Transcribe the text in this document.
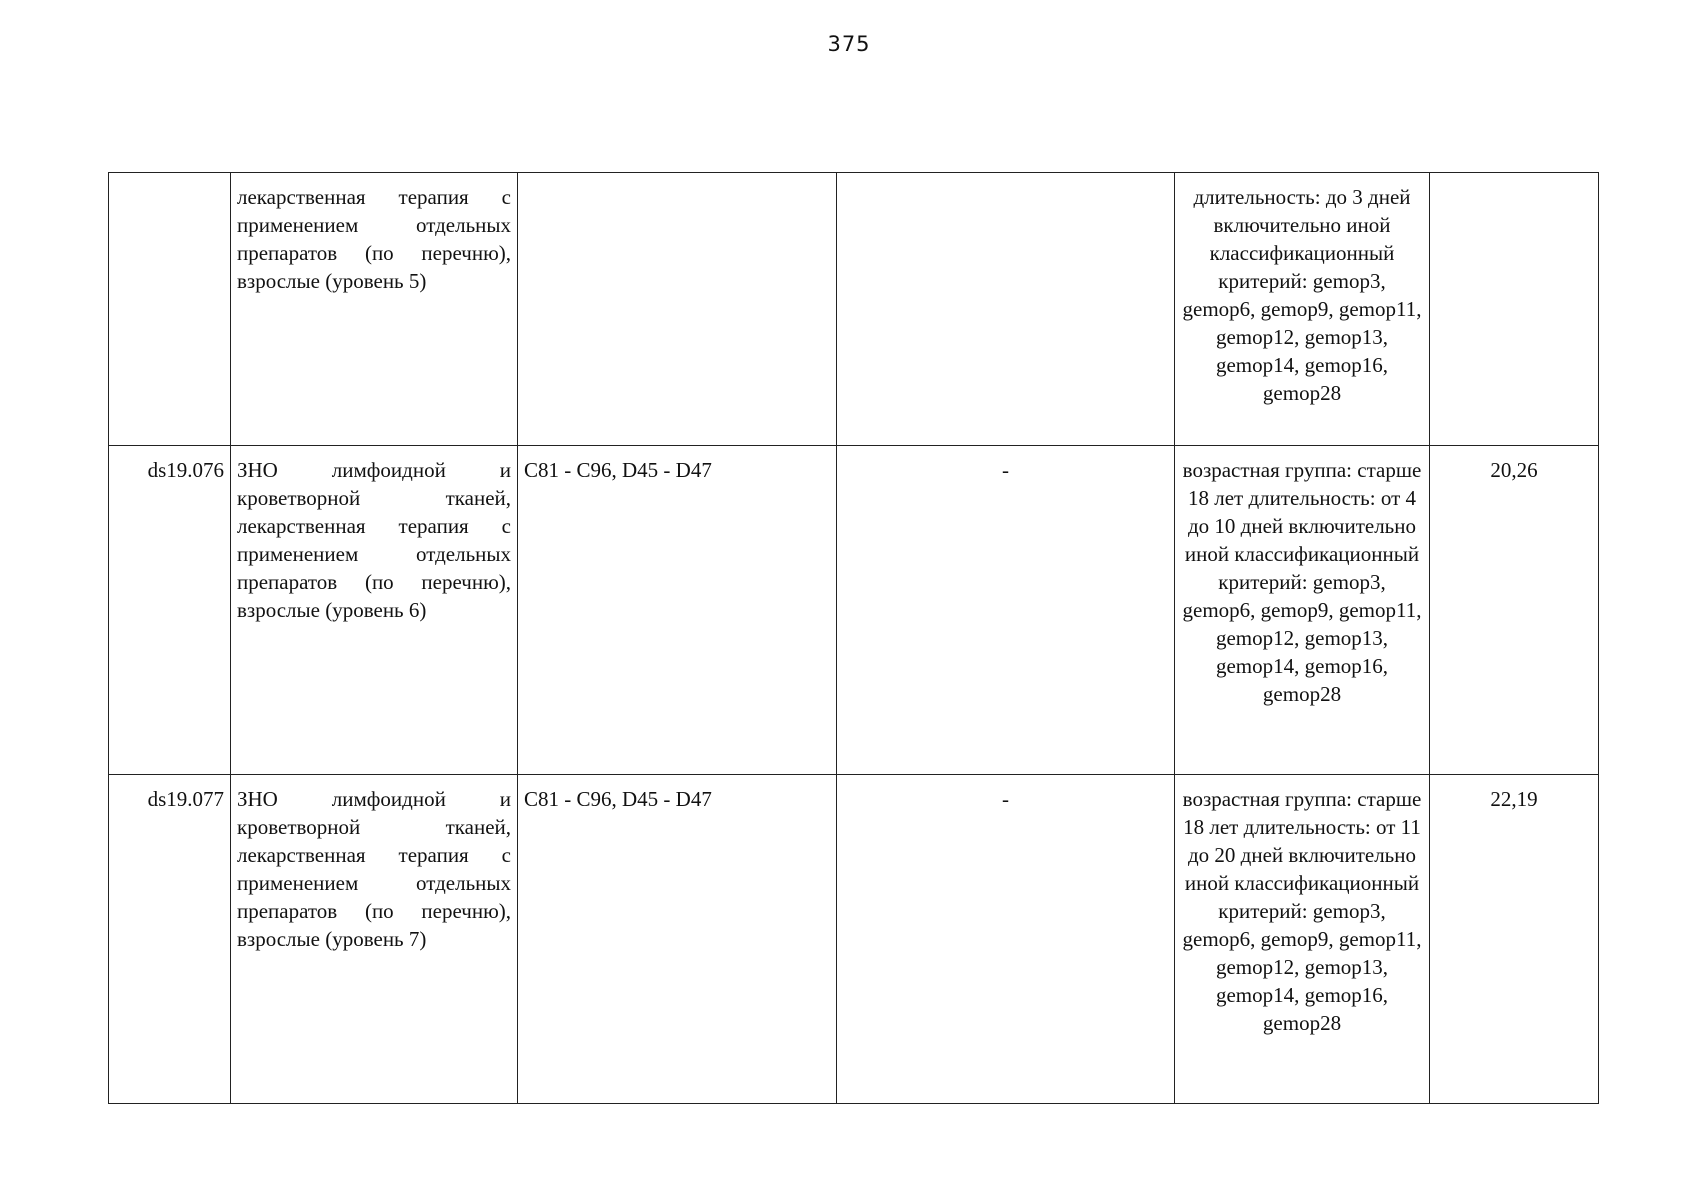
375
	лекарственная терапия с применением отдельных препаратов (по перечню), взрослые (уровень 5)			длительность: до 3 дней включительно иной классификационный критерий: gemop3, gemop6, gemop9, gemop11, gemop12, gemop13, gemop14, gemop16, gemop28	
ds19.076	ЗНО лимфоидной и кроветворной тканей, лекарственная терапия с применением отдельных препаратов (по перечню), взрослые (уровень 6)	C81 - C96, D45 - D47	-	возрастная группа: старше 18 лет длительность: от 4 до 10 дней включительно иной классификационный критерий: gemop3, gemop6, gemop9, gemop11, gemop12, gemop13, gemop14, gemop16, gemop28	20,26
ds19.077	ЗНО лимфоидной и кроветворной тканей, лекарственная терапия с применением отдельных препаратов (по перечню), взрослые (уровень 7)	C81 - C96, D45 - D47	-	возрастная группа: старше 18 лет длительность: от 11 до 20 дней включительно иной классификационный критерий: gemop3, gemop6, gemop9, gemop11, gemop12, gemop13, gemop14, gemop16, gemop28	22,19
